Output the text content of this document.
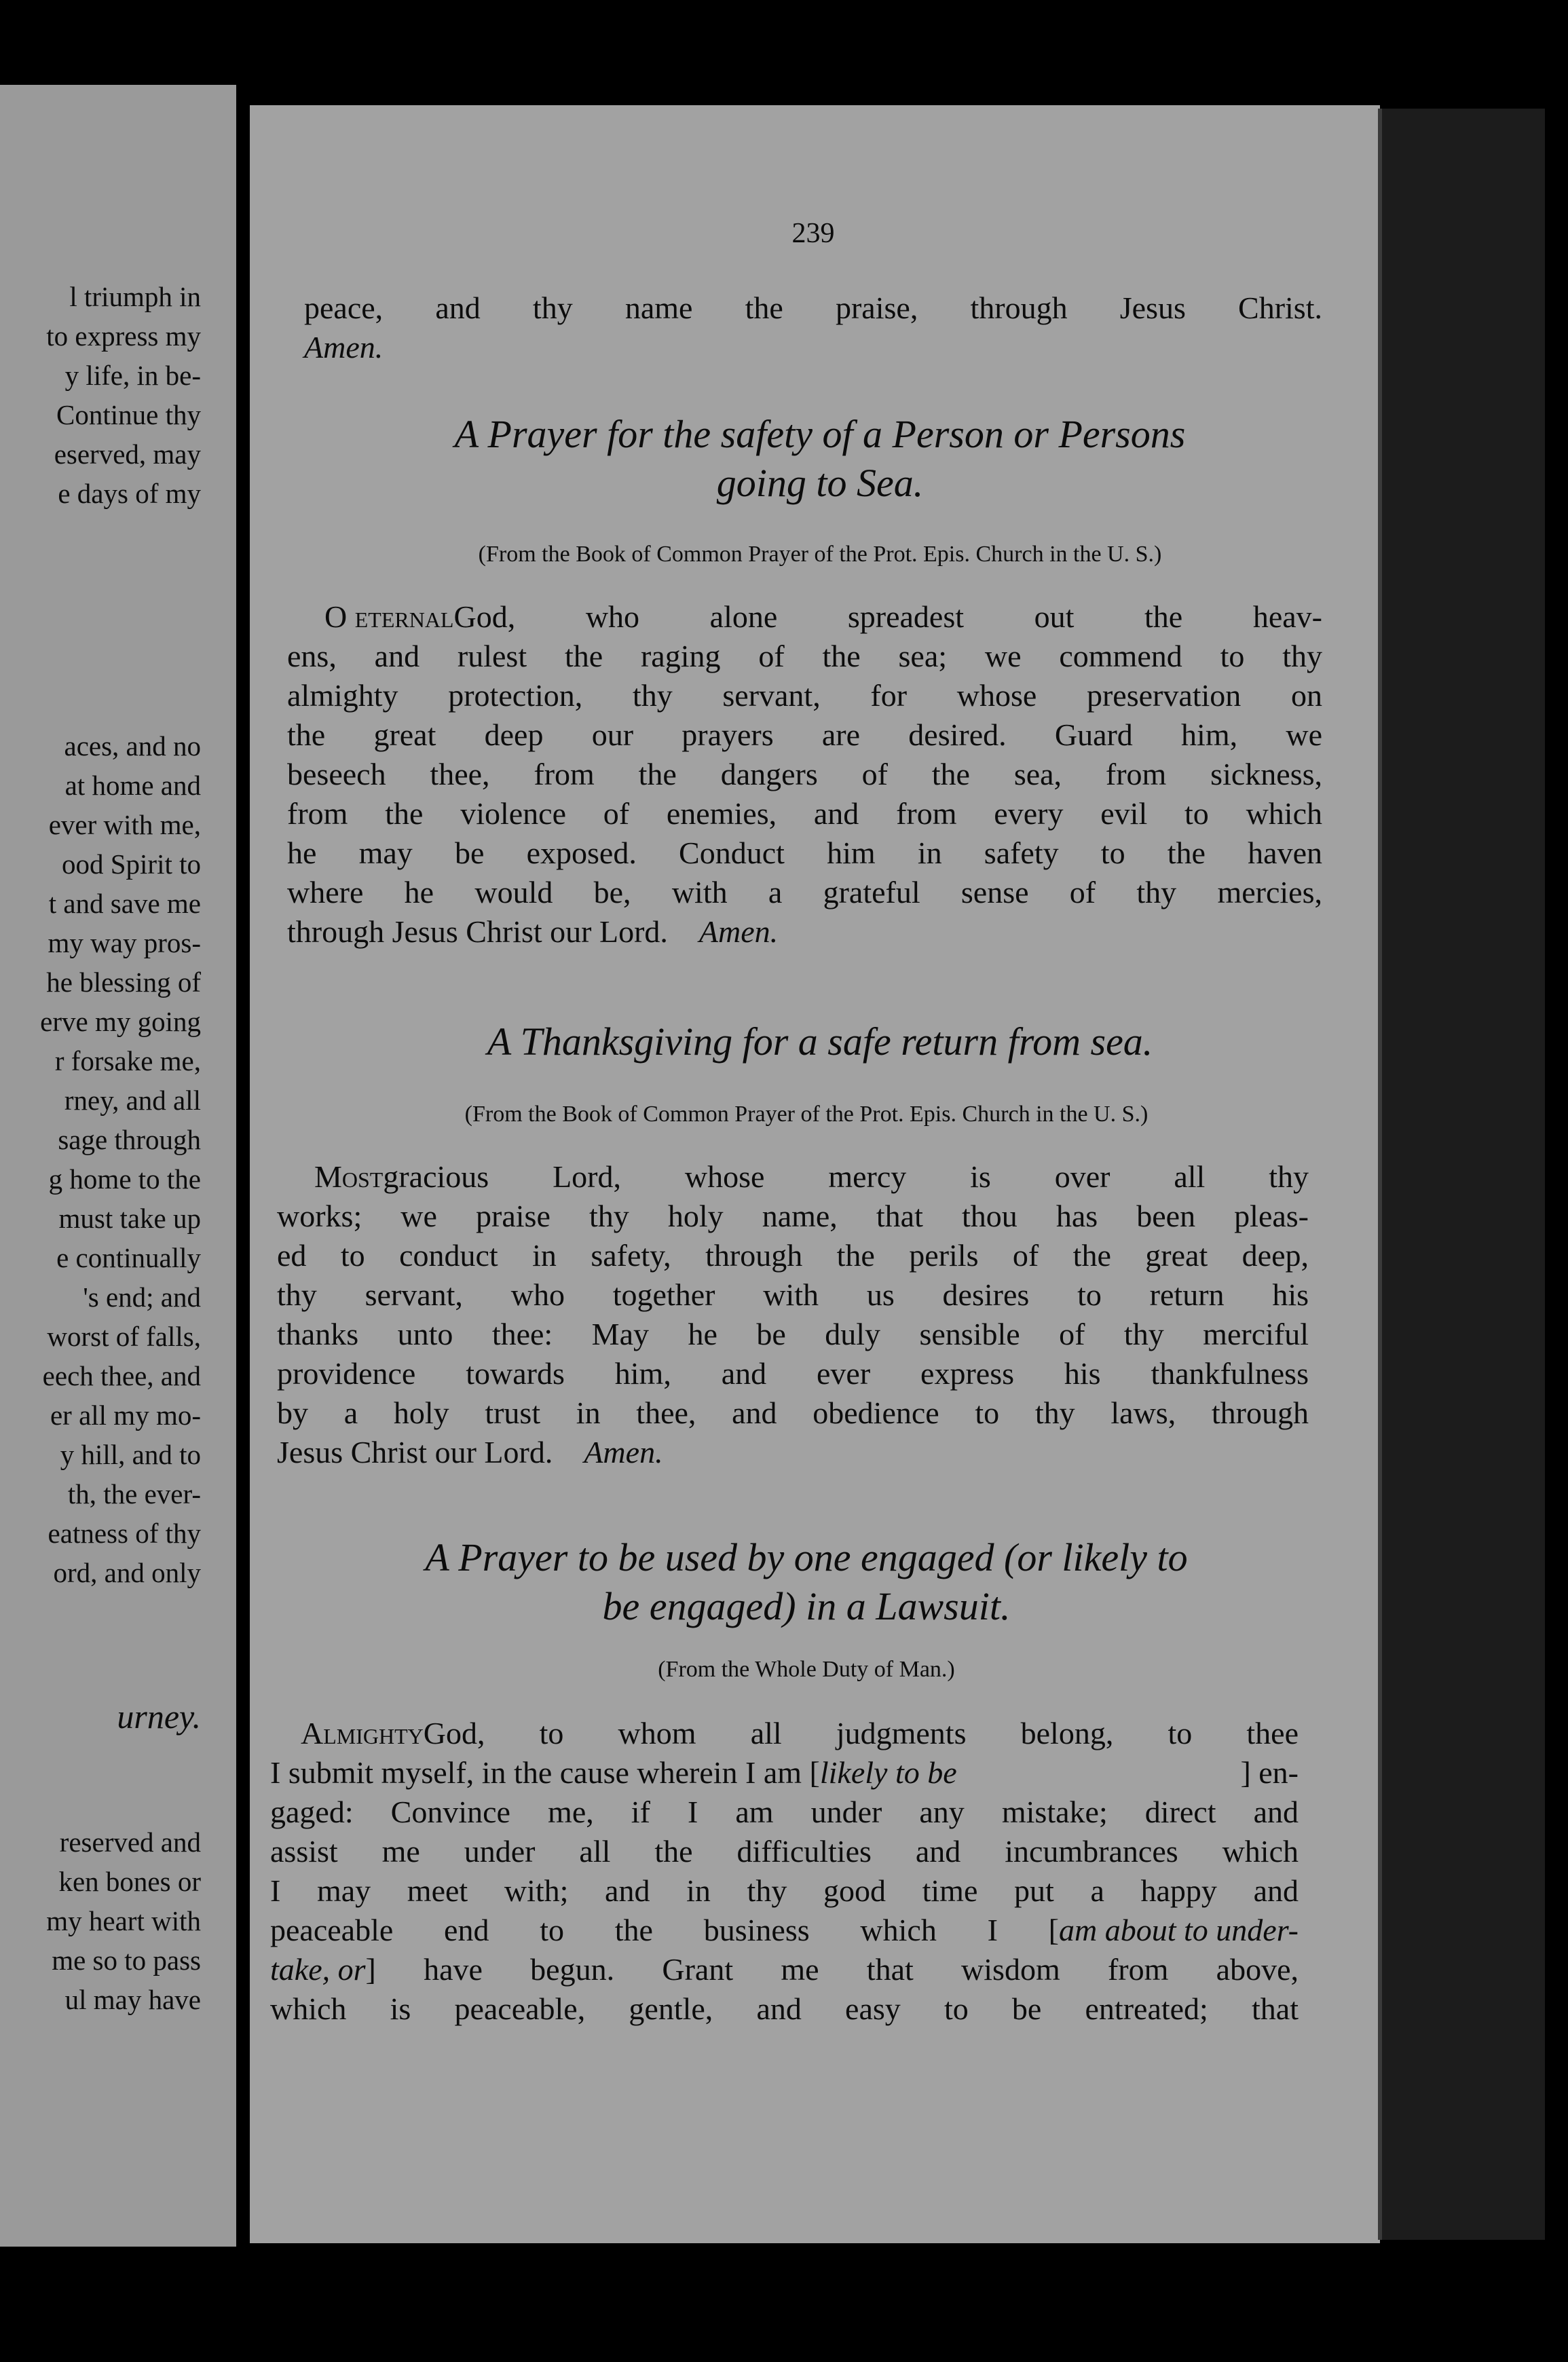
l triumph in
to express my
y life, in be-
Continue thy
eserved, may
e days of my
aces, and no
at home and
ever with me,
ood Spirit to
t and save me
my way pros-
he blessing of
erve my going
r forsake me,
rney, and all
sage through
g home to the
must take up
e continually
's end; and
worst of falls,
eech thee, and
er all my mo-
y hill, and to
th, the ever-
eatness of thy
ord, and only
urney.
reserved and
ken bones or
my heart with
me so to pass
ul may have
239
peace, and thy name the praise, through Jesus Christ.
Amen.
A Prayer for the safety of a Person or Persons
going to Sea.
(From the Book of Common Prayer of the Prot. Epis. Church in the U. S.)
O eternal God, who alone spreadest out the heav-
ens, and rulest the raging of the sea; we commend to thy
almighty protection, thy servant, for whose preservation on
the great deep our prayers are desired. Guard him, we
beseech thee, from the dangers of the sea, from sickness,
from the violence of enemies, and from every evil to which
he may be exposed. Conduct him in safety to the haven
where he would be, with a grateful sense of thy mercies,
through Jesus Christ our Lord. Amen.
A Thanksgiving for a safe return from sea.
(From the Book of Common Prayer of the Prot. Epis. Church in the U. S.)
Most gracious Lord, whose mercy is over all thy
works; we praise thy holy name, that thou has been pleas-
ed to conduct in safety, through the perils of the great deep,
thy servant, who together with us desires to return his
thanks unto thee: May he be duly sensible of thy merciful
providence towards him, and ever express his thankfulness
by a holy trust in thee, and obedience to thy laws, through
Jesus Christ our Lord. Amen.
A Prayer to be used by one engaged (or likely to
be engaged) in a Lawsuit.
(From the Whole Duty of Man.)
Almighty God, to whom all judgments belong, to thee
I submit myself, in the cause wherein I am [ likely to be	] en-
gaged: Convince me, if I am under any mistake; direct and
assist me under all the difficulties and incumbrances which
I may meet with; and in thy good time put a happy and
peaceable end to the business which I [ am about to under-
take, or ] have begun. Grant me that wisdom from above,
which is peaceable, gentle, and easy to be entreated; that
